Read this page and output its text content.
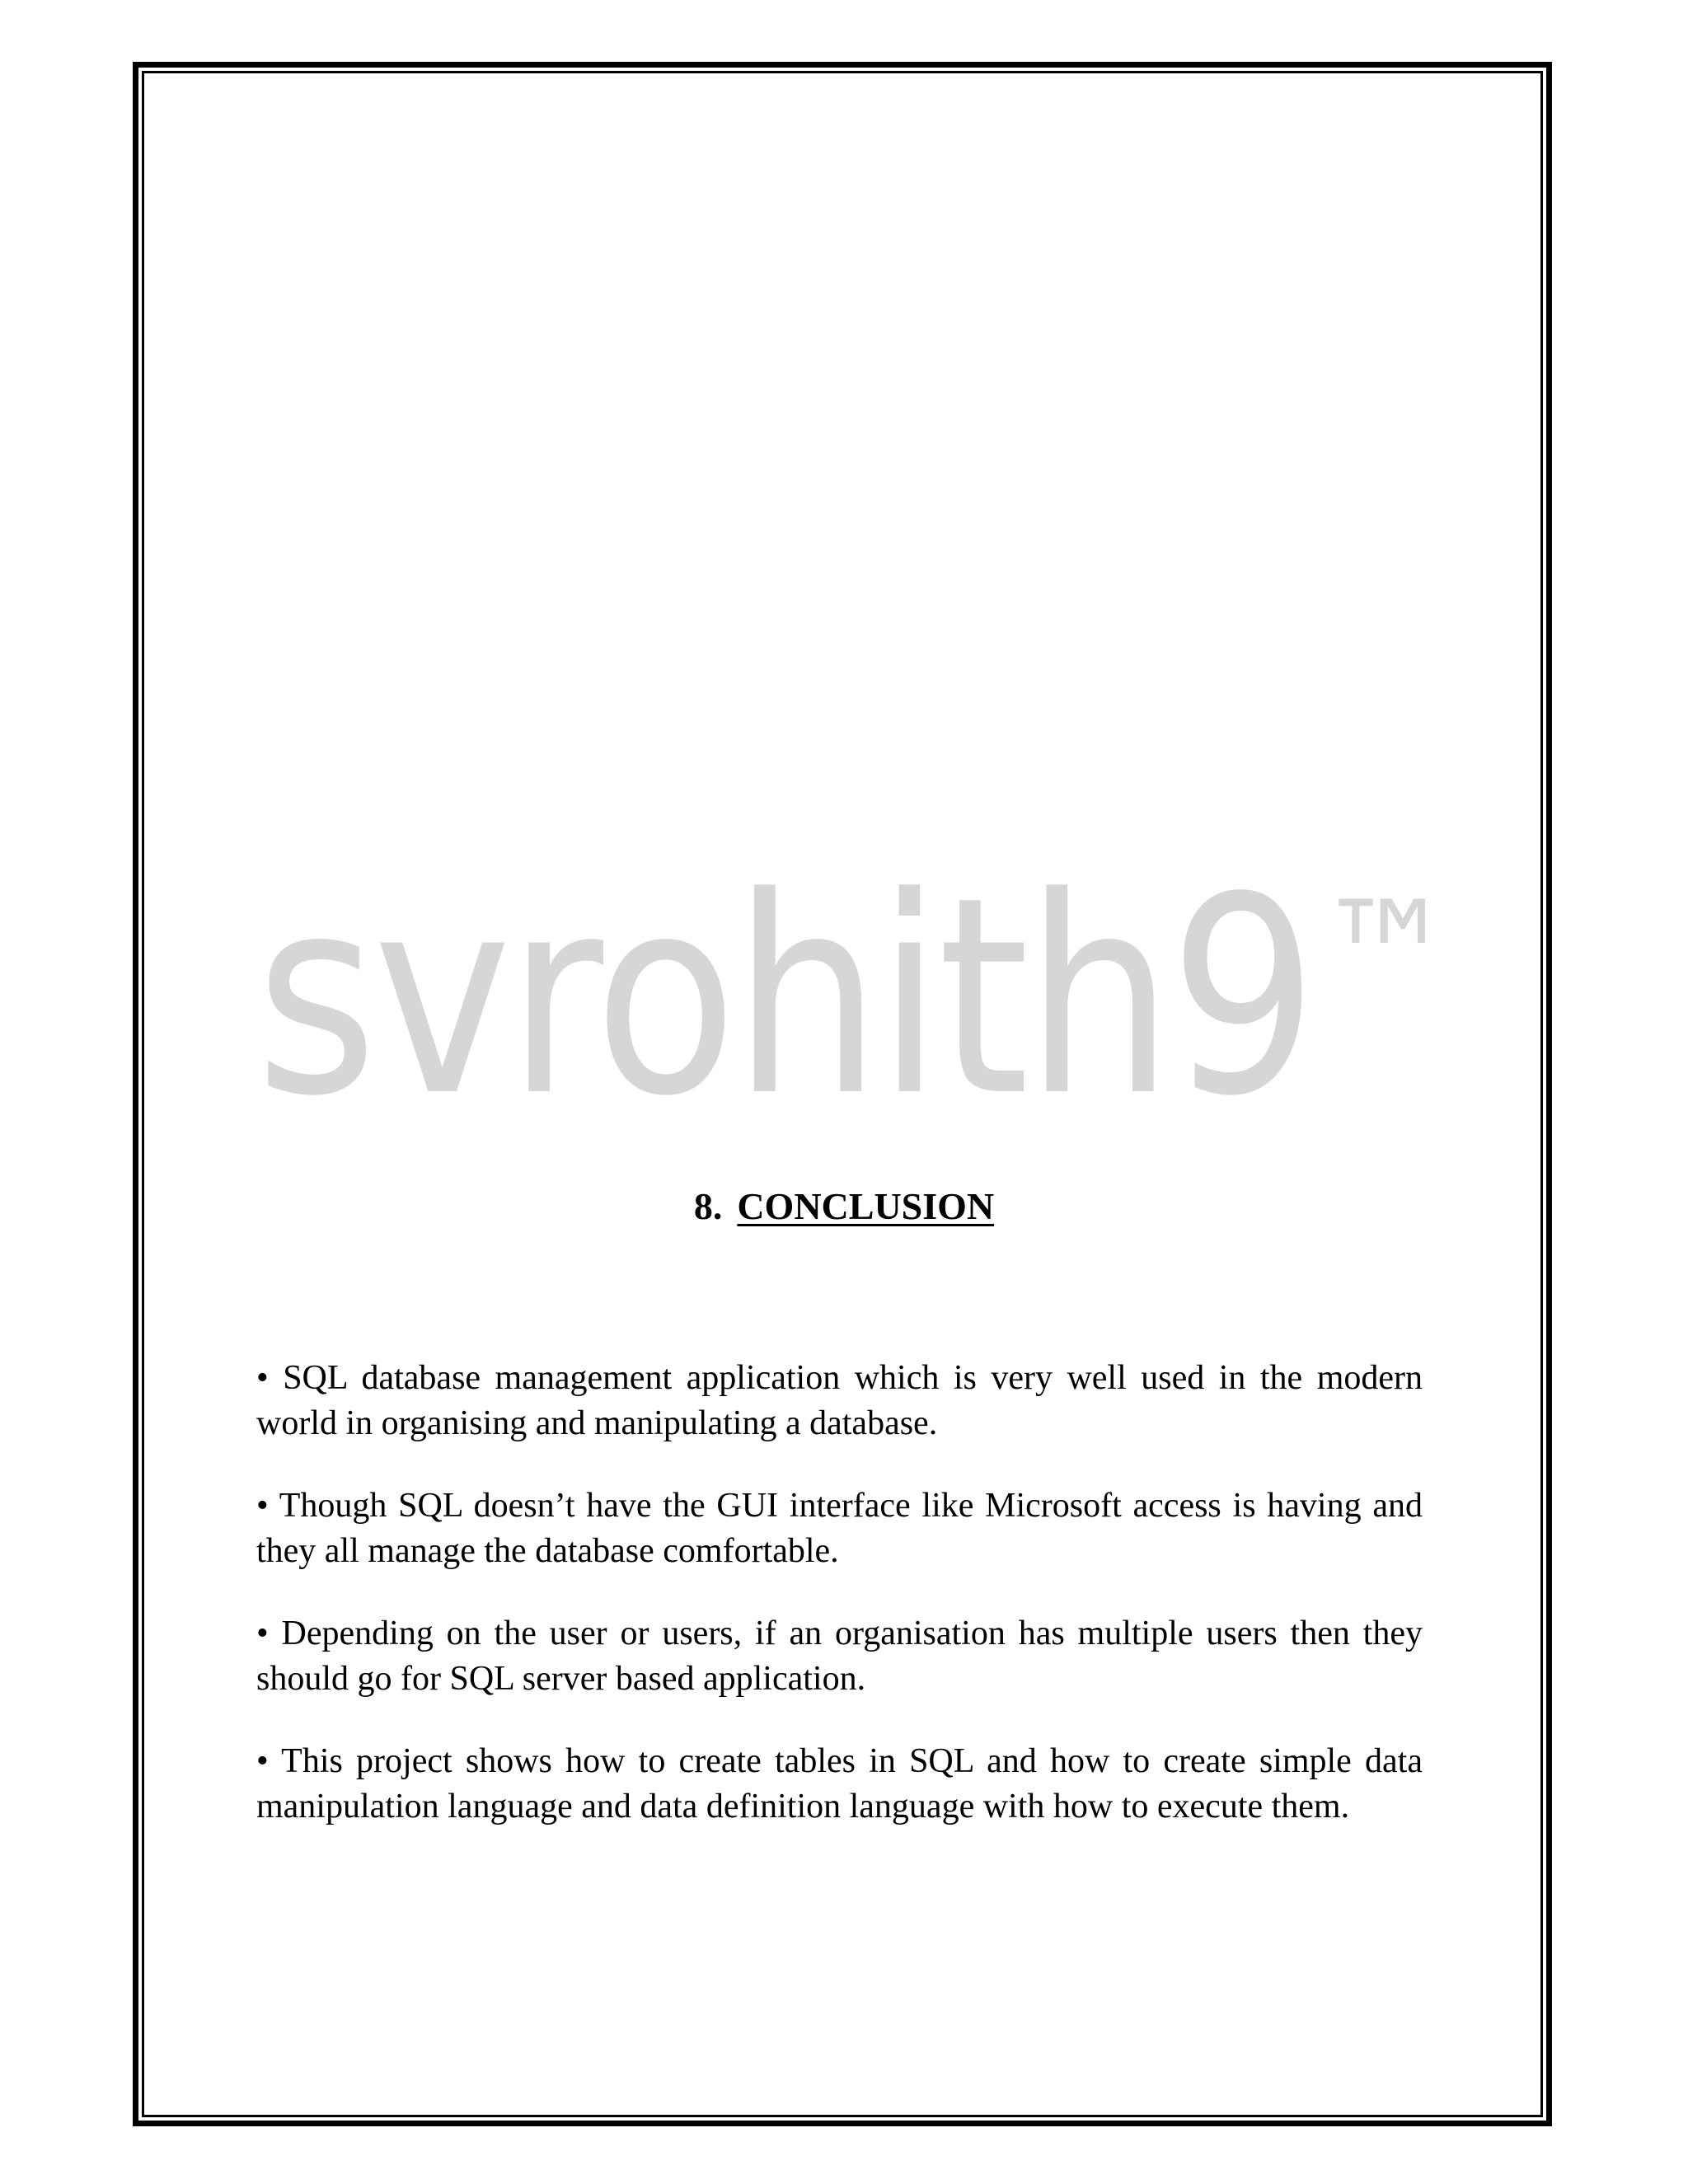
svrohith9™
8. CONCLUSION

• SQL database management application which is very well used in the modern world in organising and manipulating a database.

• Though SQL doesn’t have the GUI interface like Microsoft access is having and they all manage the database comfortable.

• Depending on the user or users, if an organisation has multiple users then they should go for SQL server based application.

• This project shows how to create tables in SQL and how to create simple data manipulation language and data definition language with how to execute them.
